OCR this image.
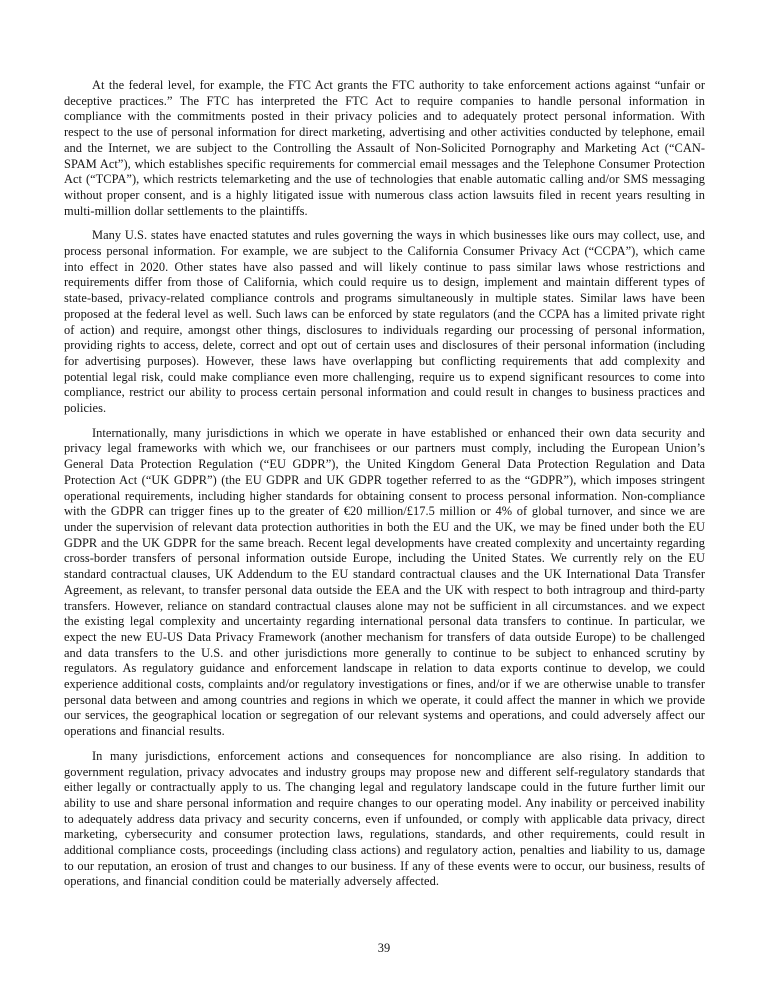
At the federal level, for example, the FTC Act grants the FTC authority to take enforcement actions against “unfair or deceptive practices.” The FTC has interpreted the FTC Act to require companies to handle personal information in compliance with the commitments posted in their privacy policies and to adequately protect personal information. With respect to the use of personal information for direct marketing, advertising and other activities conducted by telephone, email and the Internet, we are subject to the Controlling the Assault of Non-Solicited Pornography and Marketing Act (“CAN-SPAM Act”), which establishes specific requirements for commercial email messages and the Telephone Consumer Protection Act (“TCPA”), which restricts telemarketing and the use of technologies that enable automatic calling and/or SMS messaging without proper consent, and is a highly litigated issue with numerous class action lawsuits filed in recent years resulting in multi-million dollar settlements to the plaintiffs.

Many U.S. states have enacted statutes and rules governing the ways in which businesses like ours may collect, use, and process personal information. For example, we are subject to the California Consumer Privacy Act (“CCPA”), which came into effect in 2020. Other states have also passed and will likely continue to pass similar laws whose restrictions and requirements differ from those of California, which could require us to design, implement and maintain different types of state-based, privacy-related compliance controls and programs simultaneously in multiple states. Similar laws have been proposed at the federal level as well. Such laws can be enforced by state regulators (and the CCPA has a limited private right of action) and require, amongst other things, disclosures to individuals regarding our processing of personal information, providing rights to access, delete, correct and opt out of certain uses and disclosures of their personal information (including for advertising purposes). However, these laws have overlapping but conflicting requirements that add complexity and potential legal risk, could make compliance even more challenging, require us to expend significant resources to come into compliance, restrict our ability to process certain personal information and could result in changes to business practices and policies.

Internationally, many jurisdictions in which we operate in have established or enhanced their own data security and privacy legal frameworks with which we, our franchisees or our partners must comply, including the European Union’s General Data Protection Regulation (“EU GDPR”), the United Kingdom General Data Protection Regulation and Data Protection Act (“UK GDPR”) (the EU GDPR and UK GDPR together referred to as the “GDPR”), which imposes stringent operational requirements, including higher standards for obtaining consent to process personal information. Non-compliance with the GDPR can trigger fines up to the greater of €20 million/£17.5 million or 4% of global turnover, and since we are under the supervision of relevant data protection authorities in both the EU and the UK, we may be fined under both the EU GDPR and the UK GDPR for the same breach. Recent legal developments have created complexity and uncertainty regarding cross-border transfers of personal information outside Europe, including the United States. We currently rely on the EU standard contractual clauses, UK Addendum to the EU standard contractual clauses and the UK International Data Transfer Agreement, as relevant, to transfer personal data outside the EEA and the UK with respect to both intragroup and third-party transfers. However, reliance on standard contractual clauses alone may not be sufficient in all circumstances. and we expect the existing legal complexity and uncertainty regarding international personal data transfers to continue. In particular, we expect the new EU-US Data Privacy Framework (another mechanism for transfers of data outside Europe) to be challenged and data transfers to the U.S. and other jurisdictions more generally to continue to be subject to enhanced scrutiny by regulators. As regulatory guidance and enforcement landscape in relation to data exports continue to develop, we could experience additional costs, complaints and/or regulatory investigations or fines, and/or if we are otherwise unable to transfer personal data between and among countries and regions in which we operate, it could affect the manner in which we provide our services, the geographical location or segregation of our relevant systems and operations, and could adversely affect our operations and financial results.

In many jurisdictions, enforcement actions and consequences for noncompliance are also rising. In addition to government regulation, privacy advocates and industry groups may propose new and different self-regulatory standards that either legally or contractually apply to us. The changing legal and regulatory landscape could in the future further limit our ability to use and share personal information and require changes to our operating model. Any inability or perceived inability to adequately address data privacy and security concerns, even if unfounded, or comply with applicable data privacy, direct marketing, cybersecurity and consumer protection laws, regulations, standards, and other requirements, could result in additional compliance costs, proceedings (including class actions) and regulatory action, penalties and liability to us, damage to our reputation, an erosion of trust and changes to our business. If any of these events were to occur, our business, results of operations, and financial condition could be materially adversely affected.

39
